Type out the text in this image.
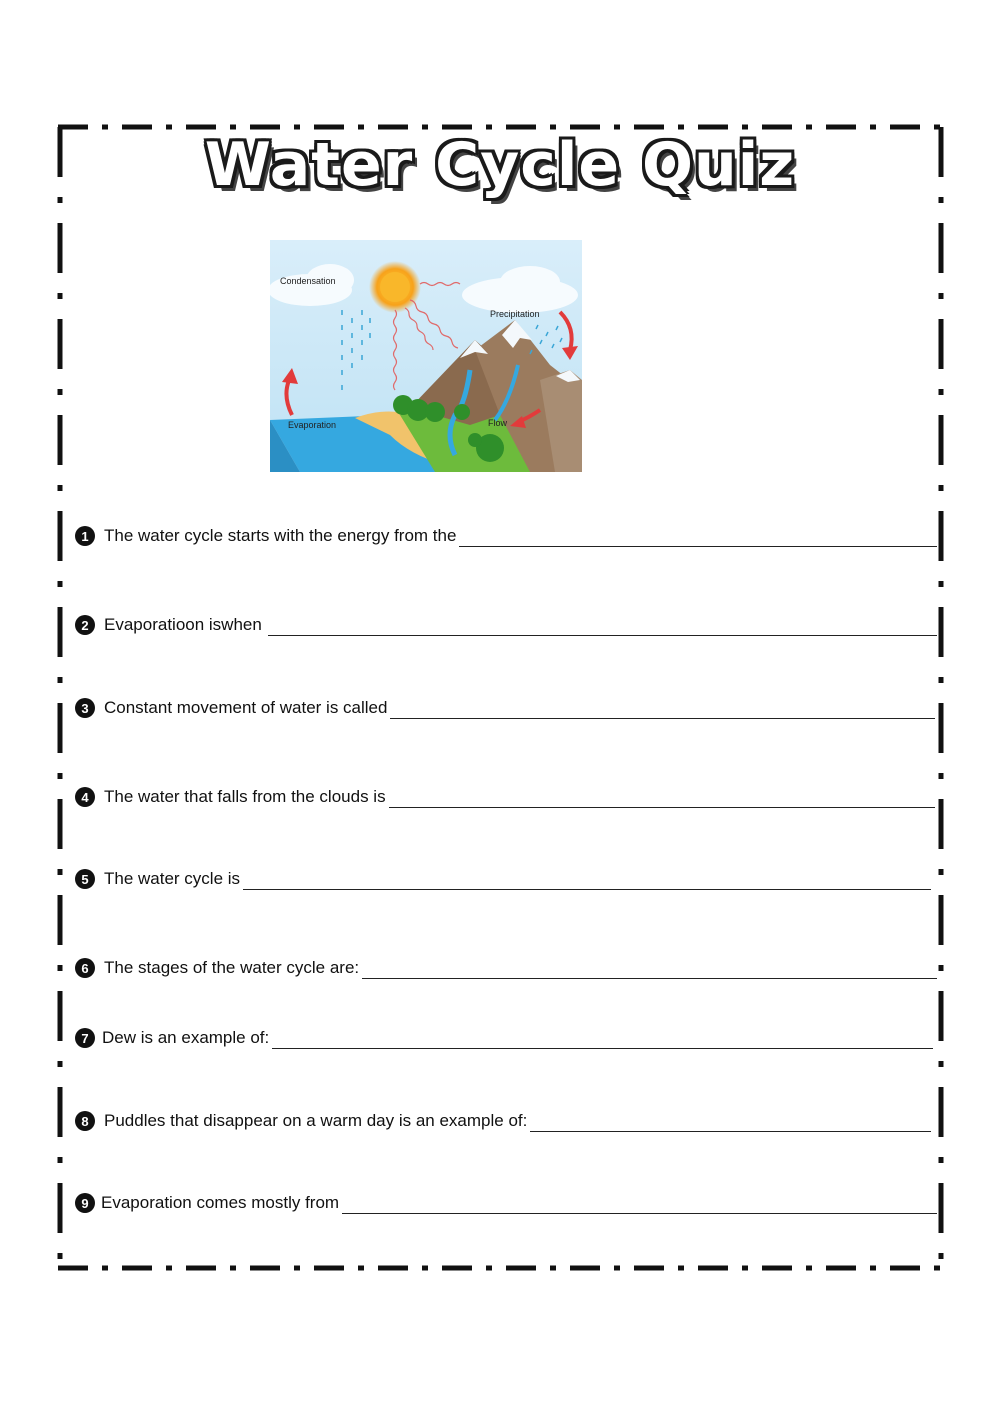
Water Cycle Quiz
Condensation
Precipitation
Evaporation	Flow
1 The water cycle starts with the energy from the
2 Evaporatioon iswhen
3 Constant movement of water is called
4 The water that falls from the clouds is
5 The water cycle is
6 The stages of the water cycle are:
7 Dew is an example of:
8 Puddles that disappear on a warm day is an example of:
9 Evaporation comes mostly from
